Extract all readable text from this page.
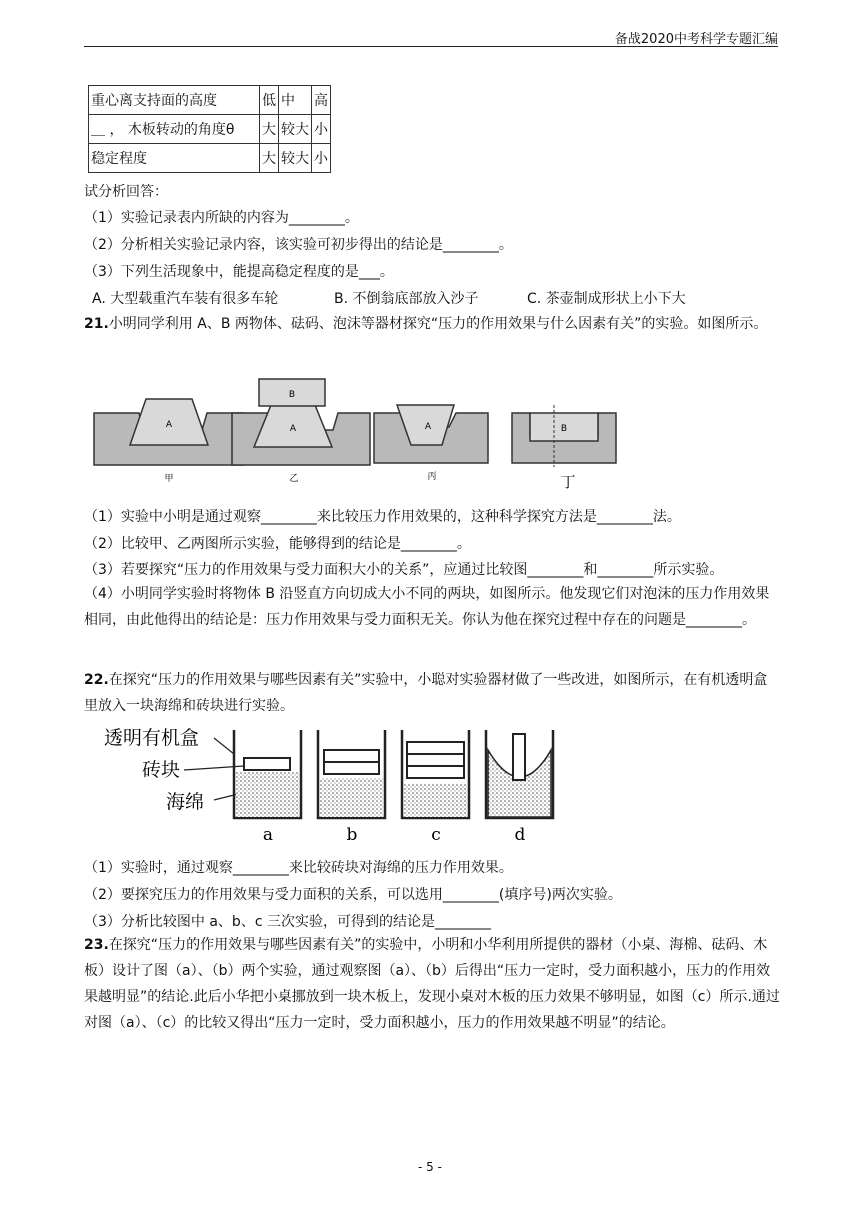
备战2020中考科学专题汇编
重心离支持面的高度	低	中	高
＿ ， 木板转动的角度θ	大	较大	小
稳定程度	大	较大	小
试分析回答：
（1）实验记录表内所缺的内容为________。
（2）分析相关实验记录内容，该实验可初步得出的结论是________。
（3）下列生活现象中，能提高稳定程度的是___。
A. 大型载重汽车装有很多车轮	B. 不倒翁底部放入沙子	C. 茶壶制成形状上小下大
21.小明同学利用 A、B 两物体、砝码、泡沫等器材探究“压力的作用效果与什么因素有关”的实验。如图所示。
A
甲
B
A
乙
A
丙
B
丁
（1）实验中小明是通过观察________来比较压力作用效果的，这种科学探究方法是________法。
（2）比较甲、乙两图所示实验，能够得到的结论是________。
（3）若要探究“压力的作用效果与受力面积大小的关系”，应通过比较图________和________所示实验。
（4）小明同学实验时将物体 B 沿竖直方向切成大小不同的两块，如图所示。他发现它们对泡沫的压力作用效果相同，由此他得出的结论是：压力作用效果与受力面积无关。你认为他在探究过程中存在的问题是________。
22.在探究“压力的作用效果与哪些因素有关”实验中，小聪对实验器材做了一些改进，如图所示，在有机透明盒里放入一块海绵和砖块进行实验。
透明有机盒
砖块
海绵
a	b	c	d
（1）实验时，通过观察________来比较砖块对海绵的压力作用效果。
（2）要探究压力的作用效果与受力面积的关系，可以选用________(填序号)两次实验。
（3）分析比较图中 a、b、c 三次实验，可得到的结论是________
23.在探究“压力的作用效果与哪些因素有关”的实验中，小明和小华利用所提供的器材（小桌、海棉、砝码、木板）设计了图（a）、（b）两个实验，通过观察图（a）、（b）后得出“压力一定时，受力面积越小，压力的作用效果越明显”的结论.此后小华把小桌挪放到一块木板上，发现小桌对木板的压力效果不够明显，如图（c）所示.通过对图（a）、（c）的比较又得出“压力一定时，受力面积越小，压力的作用效果越不明显”的结论。
- 5 -
